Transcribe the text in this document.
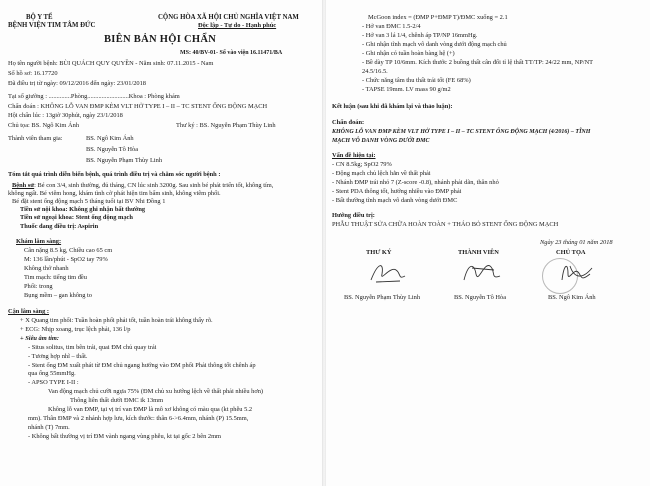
BỘ Y TẾ
BỆNH VIỆN TIM TÂM ĐỨC
CỘNG HÒA XÃ HỘI CHỦ NGHĨA VIỆT NAM
Độc lập - Tự do - Hạnh phúc
BIÊN BẢN HỘI CHẨN
MS: 40/BV-01- Số vào viện 16.11471/BA
Họ tên người bệnh: BÙI QUÁCH QUY QUYỀN - Năm sinh: 07.11.2015 - Nam
Số hồ sơ: 16.17720
Đã điều trị từ ngày: 09/12/2016 đến ngày: 23/01/2018
Tại số giường : ..............Phòng..........................Khoa : Phòng khám
Chẩn đoán : KHÔNG LỖ VAN ĐMP KÈM VLT HỞ TYPE I – II – TC STENT ỐNG ĐỘNG MẠCH
Hội chẩn lúc : 13giờ 30phút, ngày 23/1/2018
Chủ tọa: BS. Ngô Kim Ánh	Thư ký : BS. Nguyễn Phạm Thùy Linh
Thành viên tham gia:	BS. Ngô Kim Ánh
BS. Nguyễn Tô Hòa
BS. Nguyễn Phạm Thùy Linh
Tóm tắt quá trình diễn biến bệnh, quá trình điều trị và chăm sóc người bệnh :
Bệnh sử: Bé con 3/4, sinh thường, đủ tháng, CN lúc sinh 3200g. Sau sinh bé phát triển tốt, không tím,
không ngất. Bé viêm hong, khám tình cờ phát hiện tim bẩm sinh, không viêm phổi.
Bé đặt stent ống động mạch 5 tháng tuổi tại BV Nhi Đồng 1
Tiền sử nội khoa: Không ghi nhận bất thường
Tiền sử ngoại khoa: Stent ống động mạch
Thuốc đang điều trị: Aspirin
Khám lâm sàng:
Cân nặng 8.5 kg, Chiều cao 65 cm
M: 136 lần/phút - SpO2 tay 79%
Không thở nhanh
Tim mạch: tiếng tim đều
Phổi: trong
Bụng mềm – gan không to
Cận lâm sàng :
+ X Quang tim phổi: Tuần hoàn phổi phải tốt, tuần hoàn trái không thấy rõ.
+ ECG: Nhịp xoang, trục lệch phải, 136 l/p
+ Siêu âm tim:
- Situs solitus, tim bên trái, quai ĐM chủ quay trái
- Tương hợp nhĩ – thất.
- Stent ống ĐM xuất phát từ ĐM chủ ngang hướng vào ĐM phổi Phải thông tốt chênh áp
qua ống 55mmHg.
- APSO TYPE I-II :
Van động mạch chủ cưỡi ngựa 75% (ĐM chủ xu hướng lệch về thất phải nhiều hơn)
Thông liên thất dưới ĐMC ik 13mm
Không lỗ van ĐMP, tại vị trí van ĐMP là mô xơ không có màu qua (kt phễu 5.2
mm). Thân ĐMP và 2 nhánh hợp lưu, kích thước: thân 6->6.4mm, nhánh (P) 15.5mm,
nhánh (T) 7mm.
- Không bất thường vị trí ĐM vành ngang vùng phễu, kt tại gốc 2 bên 2mm
McGoon index = (ĐMP P+ĐMP T)/ĐMC xuống = 2.1
- Hở van ĐMC 1.5-2/4
- Hở van 3 lá 1/4, chênh áp TP/NP 16mmHg.
- Ghi nhận tĩnh mạch vô danh vòng dưới động mạch chủ
- Ghi nhận có tuần hoàn bàng hệ (+)
- Bề dày TP 10/6mm. Kích thước 2 buồng thất cân đối tỉ lệ thất TT/TP: 24/22 mm, NP/NT
24.5/16.5.
- Chức năng tâm thu thất trái tốt (FE 68%)
- TAPSE 19mm. LV mass 90 g/m2
Kết luận (sau khi đã khám lại và thảo luận):
Chẩn đoán:
KHÔNG LỖ VAN ĐMP KÈM VLT HỞ TYPE I – II – TC STENT ỐNG ĐỘNG MẠCH (4/2016) – TĨNH
MẠCH VÔ DANH VÒNG DƯỚI ĐMC
Vấn đề hiện tại:
- CN 8.5kg; SpO2 79%
- Động mạch chủ lệch hẳn về thất phải
- Nhánh ĐMP trái nhỏ 7 (Z-score -0.8), nhánh phải dãn, thân nhỏ
- Stent PDA thông tốt, hướng nhiều vào ĐMP phải
- Bất thường tĩnh mạch vô danh vòng dưới ĐMC
Hướng điều trị:
PHẪU THUẬT SỬA CHỮA HOÀN TOÀN + THÁO BỎ STENT ỐNG ĐỘNG MẠCH
Ngày 23 tháng 01 năm 2018
THƯ KÝ	THÀNH VIÊN	CHỦ TỌA
BS. Nguyễn Phạm Thùy Linh	BS. Nguyễn Tô Hòa	BS. Ngô Kim Ánh
